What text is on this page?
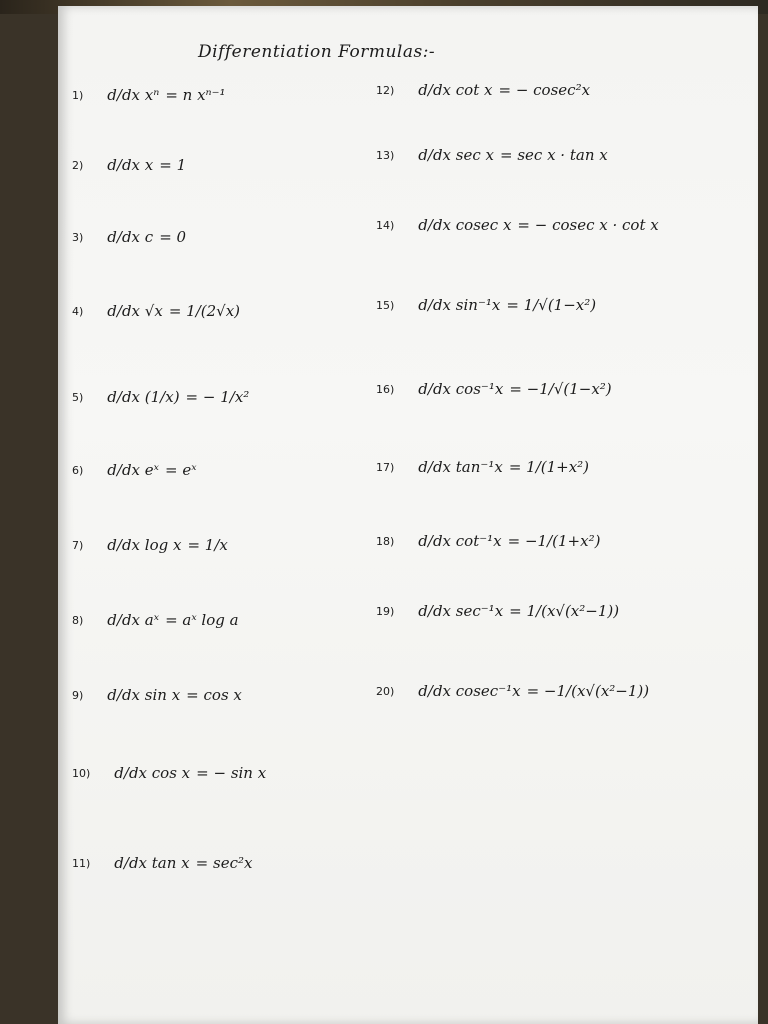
Differentiation Formulas:-
1) d/dx xⁿ = n xⁿ⁻¹
2) d/dx x = 1
3) d/dx c = 0
4) d/dx √x = 1/(2√x)
5) d/dx (1/x) = − 1/x²
6) d/dx eˣ = eˣ
7) d/dx log x = 1/x
8) d/dx aˣ = aˣ log a
9) d/dx sin x = cos x
10) d/dx cos x = − sin x
11) d/dx tan x = sec²x
12) d/dx cot x = − cosec²x
13) d/dx sec x = sec x · tan x
14) d/dx cosec x = − cosec x · cot x
15) d/dx sin⁻¹x = 1/√(1−x²)
16) d/dx cos⁻¹x = −1/√(1−x²)
17) d/dx tan⁻¹x = 1/(1+x²)
18) d/dx cot⁻¹x = −1/(1+x²)
19) d/dx sec⁻¹x = 1/(x√(x²−1))
20) d/dx cosec⁻¹x = −1/(x√(x²−1))
